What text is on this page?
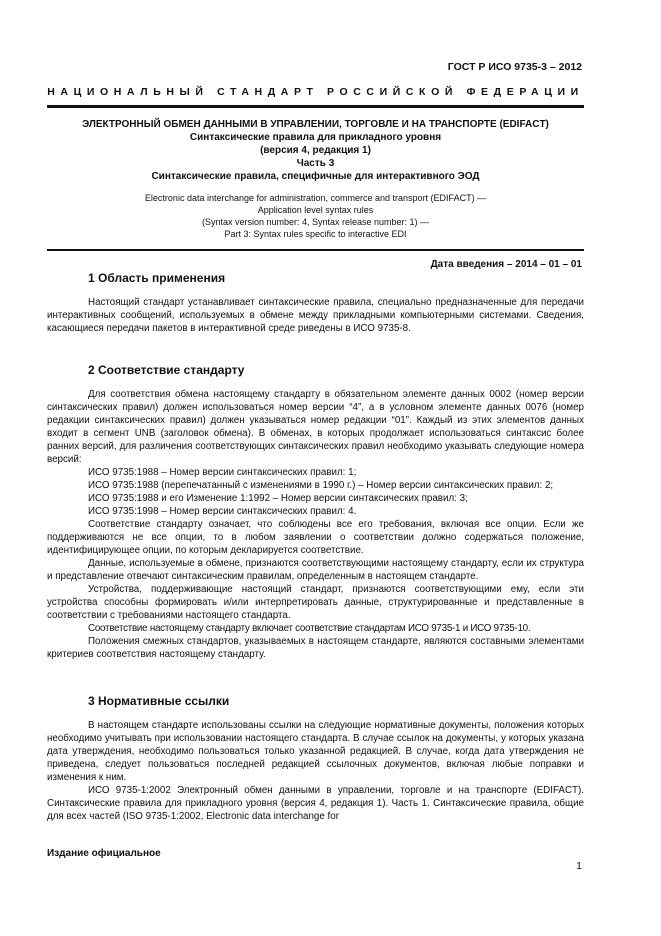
ГОСТ Р ИСО 9735-3 – 2012
НАЦИОНАЛЬНЫЙ СТАНДАРТ РОССИЙСКОЙ ФЕДЕРАЦИИ
ЭЛЕКТРОННЫЙ ОБМЕН ДАННЫМИ В УПРАВЛЕНИИ, ТОРГОВЛЕ И НА ТРАНСПОРТЕ (EDIFACT)
Синтаксические правила для прикладного уровня
(версия 4, редакция 1)
Часть 3
Синтаксические правила, специфичные для интерактивного ЭОД
Electronic data interchange for administration, commerce and transport (EDIFACT) —
Application level syntax rules
(Syntax version number: 4, Syntax release number: 1) —
Part 3: Syntax rules specific to interactive EDI
Дата введения – 2014 – 01 – 01
1 Область применения

Настоящий стандарт устанавливает синтаксические правила, специально предназначенные для передачи интерактивных сообщений, используемых в обмене между прикладными компьютерными системами. Сведения, касающиеся передачи пакетов в интерактивной среде риведены в ИСО 9735-8.

2 Соответствие стандарту

Для соответствия обмена настоящему стандарту в обязательном элементе данных 0002 (номер версии синтаксических правил) должен использоваться номер версии “4”, а в условном элементе данных 0076 (номер редакции синтаксических правил) должен указываться номер редакции “01”. Каждый из этих элементов данных входит в сегмент UNB (заголовок обмена). В обменах, в которых продолжает использоваться синтаксис более ранних версий, для различения соответствующих синтаксических правил необходимо указывать следующие номера версий:

ИСО 9735:1988 – Номер версии синтаксических правил: 1;

ИСО 9735:1988 (перепечатанный с изменениями в 1990 г.) – Номер версии синтаксических правил: 2;

ИСО 9735:1988 и его Изменение 1:1992 – Номер версии синтаксических правил: 3;

ИСО 9735:1998 – Номер версии синтаксических правил: 4.

Соответствие стандарту означает, что соблюдены все его требования, включая все опции. Если же поддерживаются не все опции, то в любом заявлении о соответствии должно содержаться положение, идентифицирующее опции, по которым декларируется соответствие.

Данные, используемые в обмене, признаются соответствующими настоящему стандарту, если их структура и представление отвечают синтаксическим правилам, определенным в настоящем стандарте.

Устройства, поддерживающие настоящий стандарт, признаются соответствующими ему, если эти устройства способны формировать и/или интерпретировать данные, структурированные и представленные в соответствии с требованиями настоящего стандарта.

Соответствие настоящему стандарту включает соответствие стандартам ИСО 9735-1 и ИСО 9735-10.

Положения смежных стандартов, указываемых в настоящем стандарте, являются составными элементами критериев соответствия настоящему стандарту.

3 Нормативные ссылки

В настоящем стандарте использованы ссылки на следующие нормативные документы, положения которых необходимо учитывать при использовании настоящего стандарта. В случае ссылок на документы, у которых указана дата утверждения, необходимо пользоваться только указанной редакцией. В случае, когда дата утверждения не приведена, следует пользоваться последней редакцией ссылочных документов, включая любые поправки и изменения к ним.

ИСО 9735-1:2002 Электронный обмен данными в управлении, торговле и на транспорте (EDIFACT). Синтаксические правила для прикладного уровня (версия 4, редакция 1). Часть 1. Синтаксические правила, общие для всех частей (ISO 9735-1:2002, Electronic data interchange for

Издание официальное
1
